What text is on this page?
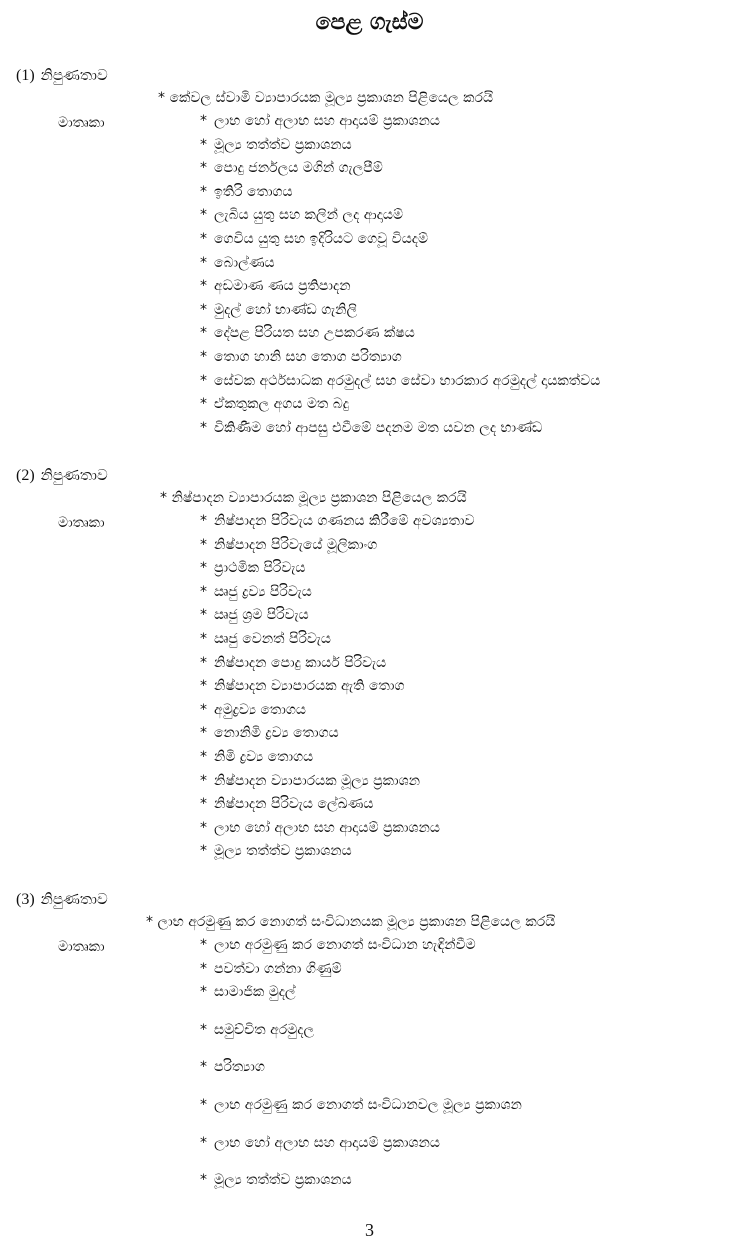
පෙළ ගැස්ම
(1) නිපුණතාව
* කේවල ස්වාමි ව්‍යාපාරයක මූල්‍ය ප්‍රකාශන පිළියෙල කරයි
මාතෘකා	* ලාභ හෝ අලාභ සහ ආදායම් ප්‍රකාශනය
* මූල්‍ය තත්ත්ව ප්‍රකාශනය
* පොදු ජර්නලය මගින් ගැලපීම්
* ඉතිරි තොගය
* ලැබිය යුතු සහ කලින් ලද ආදායම්
* ගෙවිය යුතු සහ ඉදිරියට ගෙවූ වියදම්
* බොල්ණය
* අඩමාණ ණය ප්‍රතිපාදන
* මුදල් හෝ භාණ්ඩ ගැනිලි
* දේපළ පිරියත සහ උපකරණ ක්ෂය
* තොග හානි සහ තොග පරිත්‍යාග
* සේවක අර්ථසාධක අරමුදල් සහ සේවා භාරකාර අරමුදල් දායකත්වය
* ඒකතුකල අගය මත බදු
* විකිණීම හෝ ආපසු එවීමේ පදනම මත යවන ලද භාණ්ඩ
(2) නිපුණතාව
* නිෂ්පාදන ව්‍යාපාරයක මූල්‍ය ප්‍රකාශන පිළියෙල කරයි
මාතෘකා	* නිෂ්පාදන පිරිවැය ගණනය කිරීමේ අවශ්‍යතාව
* නිෂ්පාදන පිරිවැයේ මූලිකාංග
* ප්‍රාථමික පිරිවැය
* ඍජු ද්‍රව්‍ය පිරිවැය
* ඍජු ශ්‍රම පිරිවැය
* ඍජු වෙනත් පිරිවැය
* නිෂ්පාදන පොදු කාර්ය පිරිවැය
* නිෂ්පාදන ව්‍යාපාරයක ඇති තොග
* අමුද්‍රව්‍ය තොගය
* නොනිමි ද්‍රව්‍ය තොගය
* නිමි ද්‍රව්‍ය තොගය
* නිෂ්පාදන ව්‍යාපාරයක මූල්‍ය ප්‍රකාශන
* නිෂ්පාදන පිරිවැය ලේඛණය
* ලාභ හෝ අලාභ සහ ආදායම් ප්‍රකාශනය
* මූල්‍ය තත්ත්ව ප්‍රකාශනය
(3) නිපුණතාව
* ලාභ අරමුණු කර නොගත් සංවිධානයක මූල්‍ය ප්‍රකාශන පිළියෙල කරයි
මාතෘකා	* ලාභ අරමුණු කර නොගත් සංවිධාන හැඳින්වීම
* පවත්වා ගන්නා ගිණුම්
* සාමාජික මුදල්
* සමුච්චිත අරමුදල
* පරිත්‍යාග
* ලාභ අරමුණු කර නොගත් සංවිධානවල මූල්‍ය ප්‍රකාශන
* ලාභ හෝ අලාභ සහ ආදායම් ප්‍රකාශනය
* මූල්‍ය තත්ත්ව ප්‍රකාශනය
3
